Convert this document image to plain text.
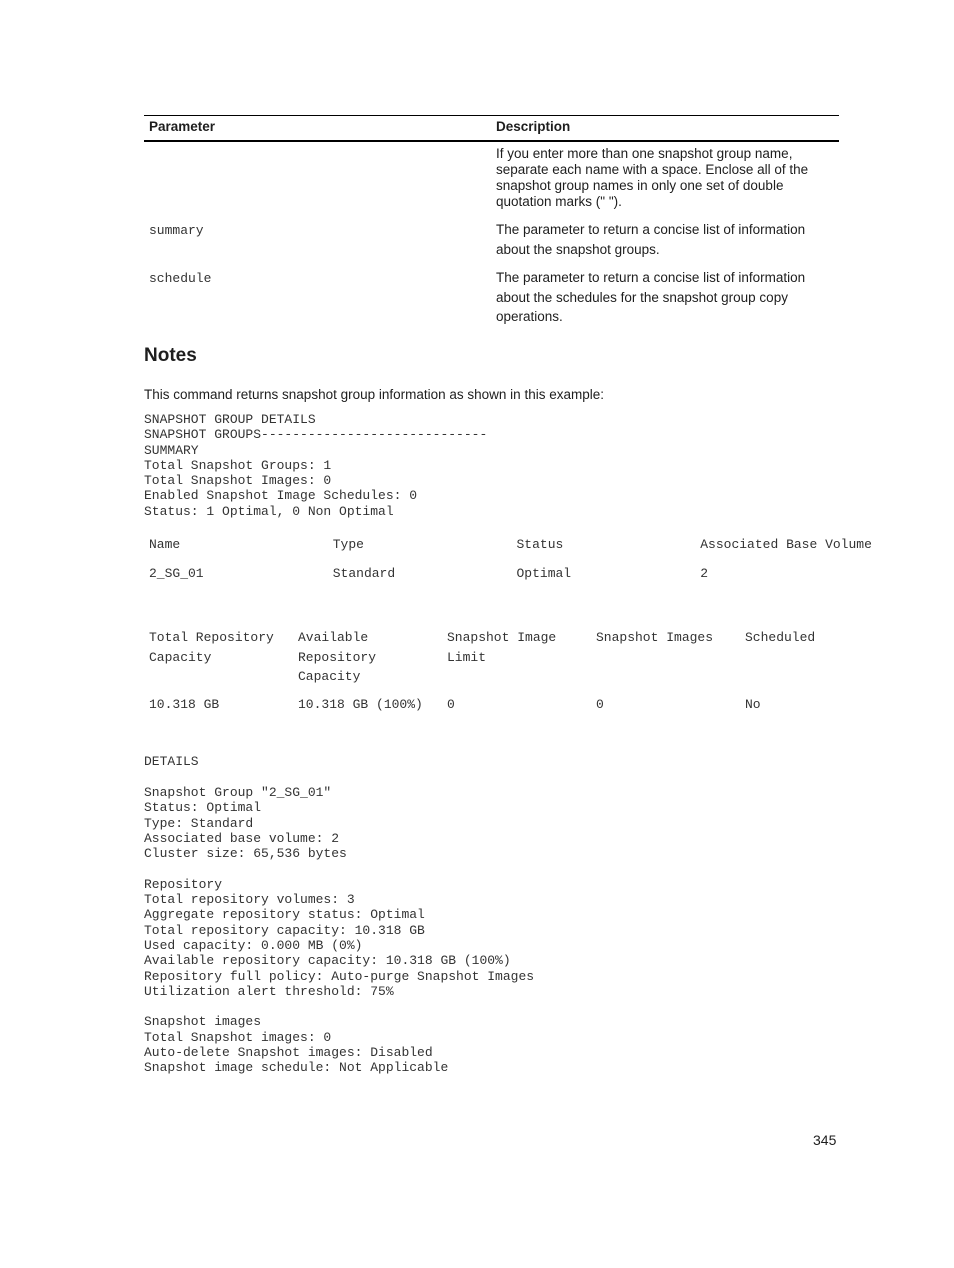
Parameter	Description
	If you enter more than one snapshot group name, separate each name with a space. Enclose all of the snapshot group names in only one set of double quotation marks (" ").
summary	The parameter to return a concise list of information about the snapshot groups.
schedule	The parameter to return a concise list of information about the schedules for the snapshot group copy operations.
Notes

This command returns snapshot group information as shown in this example:

SNAPSHOT GROUP DETAILS
SNAPSHOT GROUPS-----------------------------
SUMMARY
Total Snapshot Groups: 1
Total Snapshot Images: 0
Enabled Snapshot Image Schedules: 0
Status: 1 Optimal, 0 Non Optimal
Name	Type	Status	Associated Base Volume
2_SG_01	Standard	Optimal	2
Total Repository Capacity	Available Repository Capacity	Snapshot Image Limit	Snapshot Images	Scheduled
10.318 GB	10.318 GB (100%)	0	0	No
DETAILS
Snapshot Group "2_SG_01"
Status: Optimal
Type: Standard
Associated base volume: 2
Cluster size: 65,536 bytes

Repository
Total repository volumes: 3
Aggregate repository status: Optimal
Total repository capacity: 10.318 GB
Used capacity: 0.000 MB (0%)
Available repository capacity: 10.318 GB (100%)
Repository full policy: Auto-purge Snapshot Images
Utilization alert threshold: 75%

Snapshot images
Total Snapshot images: 0
Auto-delete Snapshot images: Disabled
Snapshot image schedule: Not Applicable
345
